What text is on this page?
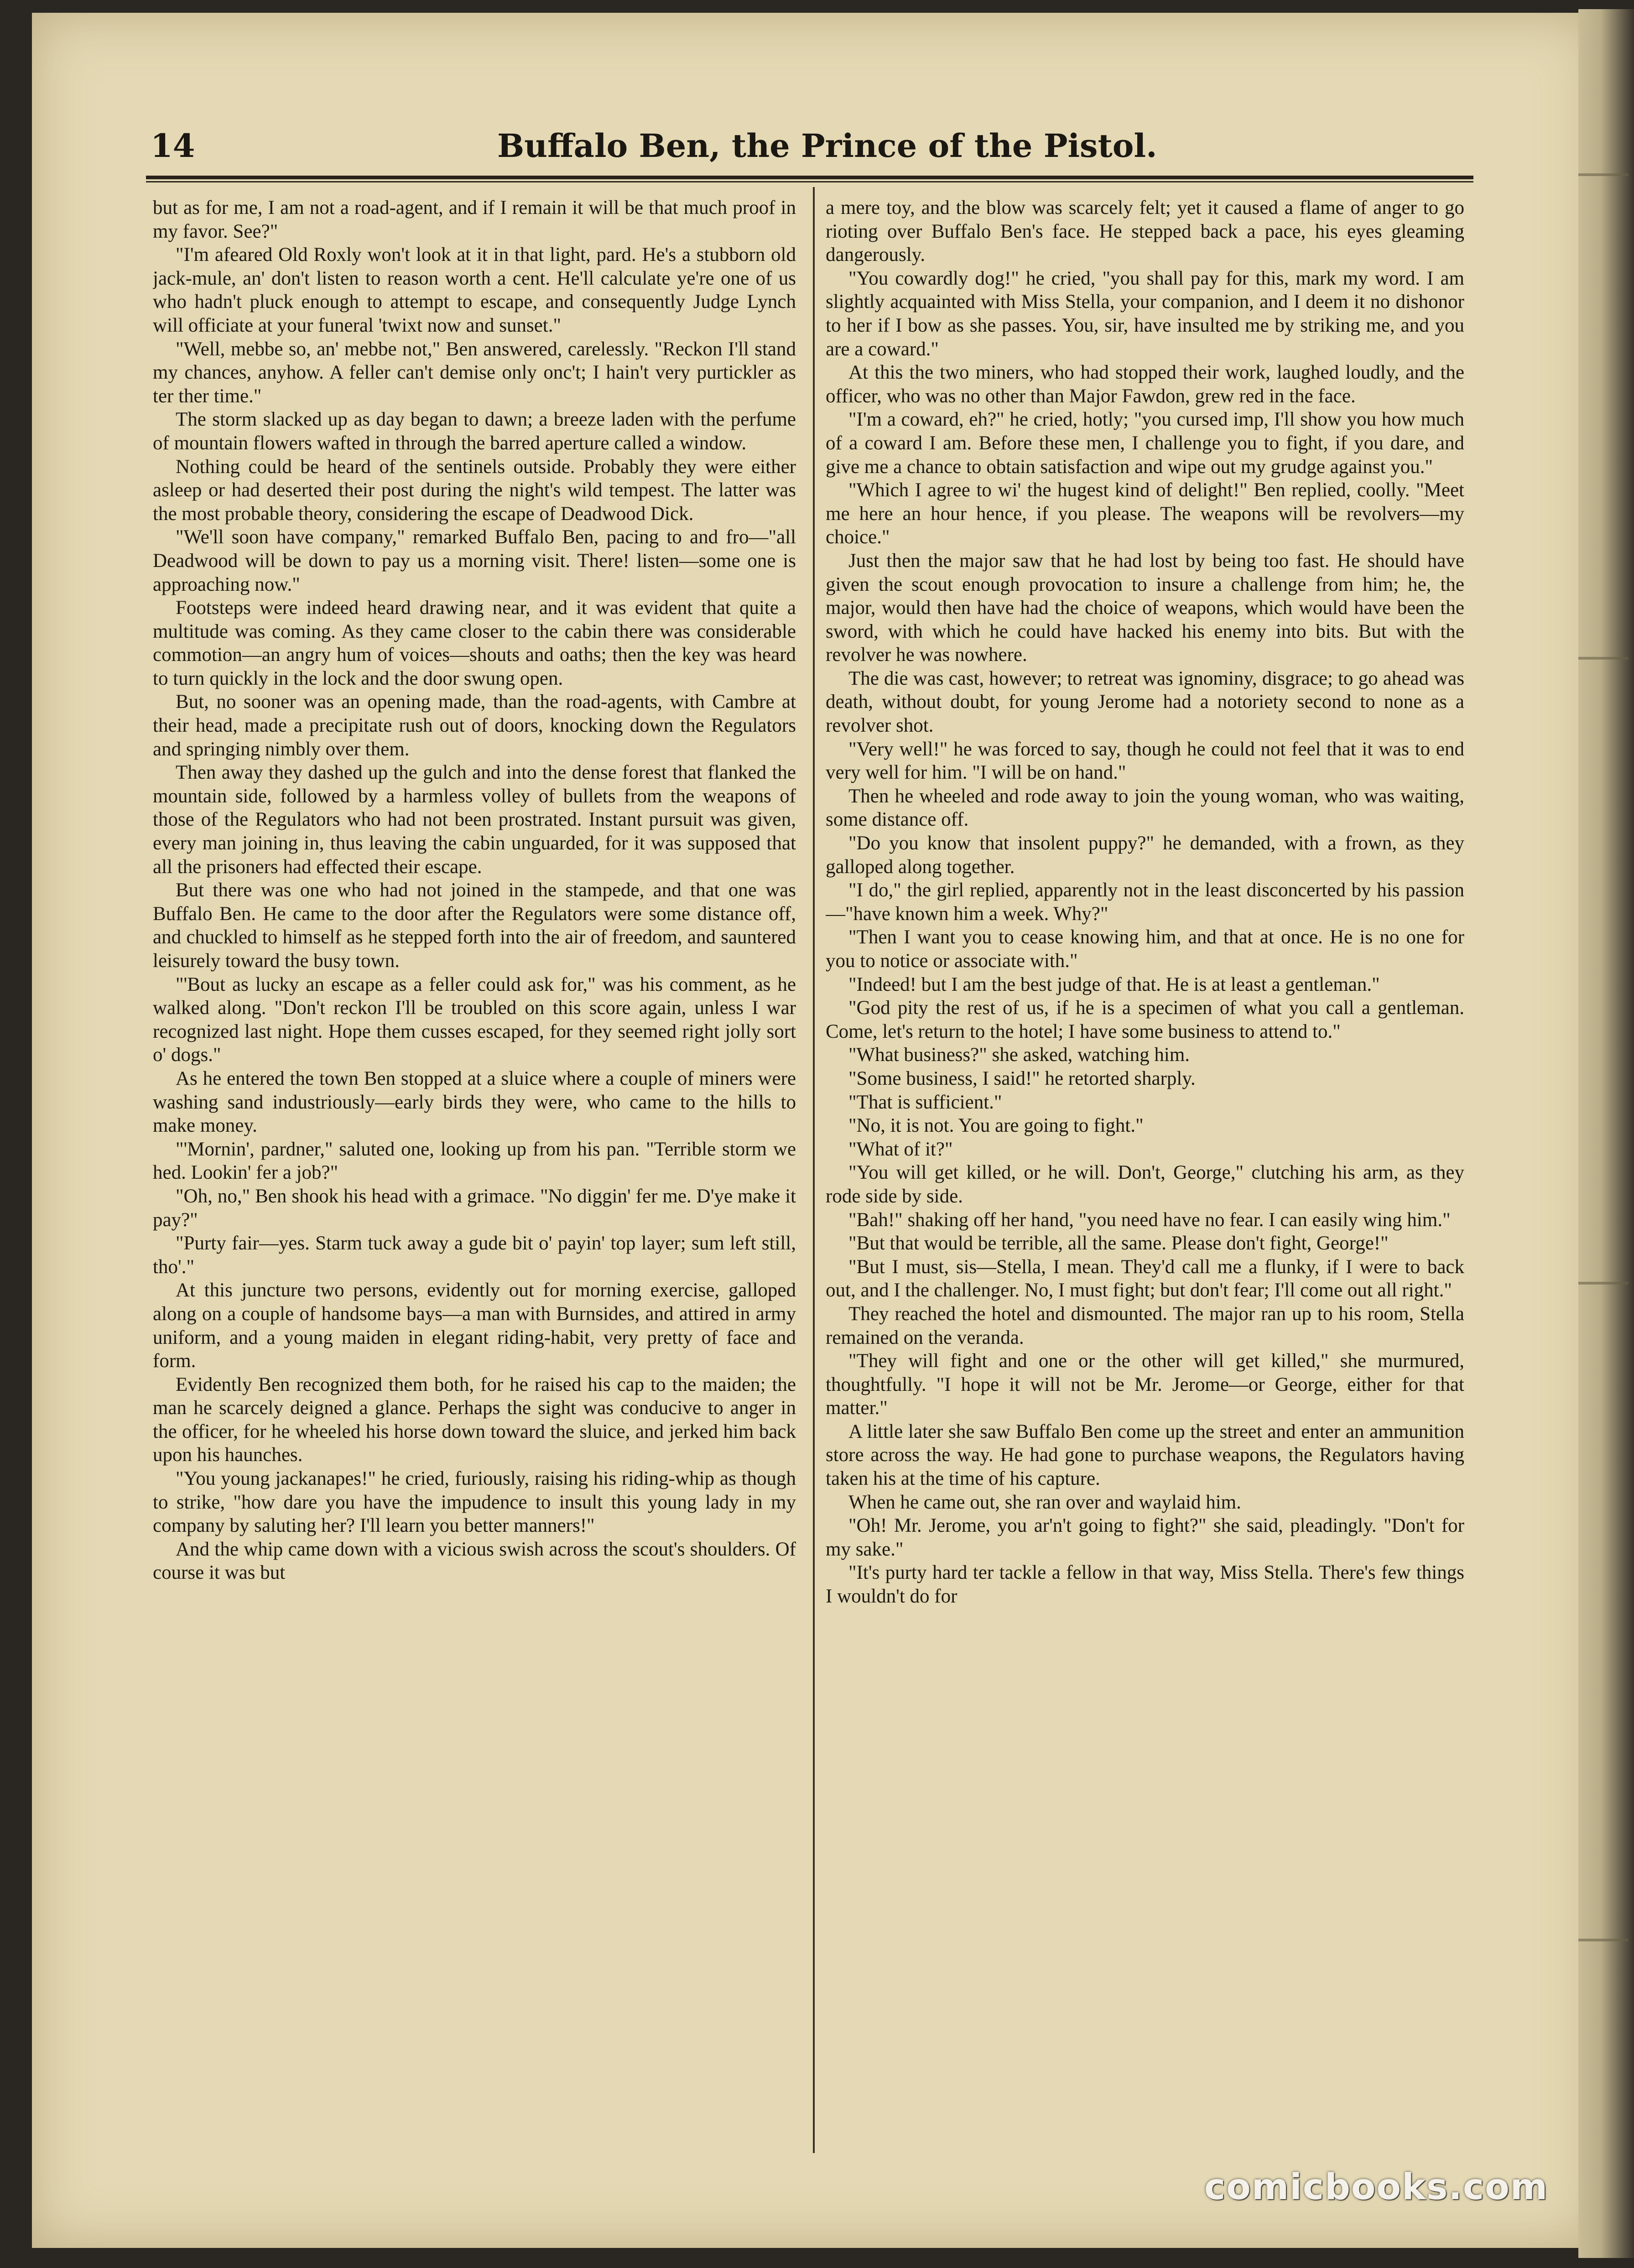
14	Buffalo Ben, the Prince of the Pistol.

but as for me, I am not a road-agent, and if I remain it will be that much proof in my favor. See?"

"I'm afeared Old Roxly won't look at it in that light, pard. He's a stubborn old jack-mule, an' don't listen to reason worth a cent. He'll calculate ye're one of us who hadn't pluck enough to attempt to escape, and consequently Judge Lynch will officiate at your funeral 'twixt now and sunset."

"Well, mebbe so, an' mebbe not," Ben answered, carelessly. "Reckon I'll stand my chances, anyhow. A feller can't demise only onc't; I hain't very purtickler as ter ther time."

The storm slacked up as day began to dawn; a breeze laden with the perfume of mountain flowers wafted in through the barred aperture called a window.

Nothing could be heard of the sentinels outside. Probably they were either asleep or had deserted their post during the night's wild tempest. The latter was the most probable theory, considering the escape of Deadwood Dick.

"We'll soon have company," remarked Buffalo Ben, pacing to and fro—"all Deadwood will be down to pay us a morning visit. There! listen—some one is approaching now."

Footsteps were indeed heard drawing near, and it was evident that quite a multitude was coming. As they came closer to the cabin there was considerable commotion—an angry hum of voices—shouts and oaths; then the key was heard to turn quickly in the lock and the door swung open.

But, no sooner was an opening made, than the road-agents, with Cambre at their head, made a precipitate rush out of doors, knocking down the Regulators and springing nimbly over them.

Then away they dashed up the gulch and into the dense forest that flanked the mountain side, followed by a harmless volley of bullets from the weapons of those of the Regulators who had not been prostrated. Instant pursuit was given, every man joining in, thus leaving the cabin unguarded, for it was supposed that all the prisoners had effected their escape.

But there was one who had not joined in the stampede, and that one was Buffalo Ben. He came to the door after the Regulators were some distance off, and chuckled to himself as he stepped forth into the air of freedom, and sauntered leisurely toward the busy town.

"'Bout as lucky an escape as a feller could ask for," was his comment, as he walked along. "Don't reckon I'll be troubled on this score again, unless I war recognized last night. Hope them cusses escaped, for they seemed right jolly sort o' dogs."

As he entered the town Ben stopped at a sluice where a couple of miners were washing sand industriously—early birds they were, who came to the hills to make money.

"'Mornin', pardner," saluted one, looking up from his pan. "Terrible storm we hed. Lookin' fer a job?"

"Oh, no," Ben shook his head with a grimace. "No diggin' fer me. D'ye make it pay?"

"Purty fair—yes. Starm tuck away a gude bit o' payin' top layer; sum left still, tho'."

At this juncture two persons, evidently out for morning exercise, galloped along on a couple of handsome bays—a man with Burnsides, and attired in army uniform, and a young maiden in elegant riding-habit, very pretty of face and form.

Evidently Ben recognized them both, for he raised his cap to the maiden; the man he scarcely deigned a glance. Perhaps the sight was conducive to anger in the officer, for he wheeled his horse down toward the sluice, and jerked him back upon his haunches.

"You young jackanapes!" he cried, furiously, raising his riding-whip as though to strike, "how dare you have the impudence to insult this young lady in my company by saluting her? I'll learn you better manners!"

And the whip came down with a vicious swish across the scout's shoulders. Of course it was but

a mere toy, and the blow was scarcely felt; yet it caused a flame of anger to go rioting over Buffalo Ben's face. He stepped back a pace, his eyes gleaming dangerously.

"You cowardly dog!" he cried, "you shall pay for this, mark my word. I am slightly acquainted with Miss Stella, your companion, and I deem it no dishonor to her if I bow as she passes. You, sir, have insulted me by striking me, and you are a coward."

At this the two miners, who had stopped their work, laughed loudly, and the officer, who was no other than Major Fawdon, grew red in the face.

"I'm a coward, eh?" he cried, hotly; "you cursed imp, I'll show you how much of a coward I am. Before these men, I challenge you to fight, if you dare, and give me a chance to obtain satisfaction and wipe out my grudge against you."

"Which I agree to wi' the hugest kind of delight!" Ben replied, coolly. "Meet me here an hour hence, if you please. The weapons will be revolvers—my choice."

Just then the major saw that he had lost by being too fast. He should have given the scout enough provocation to insure a challenge from him; he, the major, would then have had the choice of weapons, which would have been the sword, with which he could have hacked his enemy into bits. But with the revolver he was nowhere.

The die was cast, however; to retreat was ignominy, disgrace; to go ahead was death, without doubt, for young Jerome had a notoriety second to none as a revolver shot.

"Very well!" he was forced to say, though he could not feel that it was to end very well for him. "I will be on hand."

Then he wheeled and rode away to join the young woman, who was waiting, some distance off.

"Do you know that insolent puppy?" he demanded, with a frown, as they galloped along together.

"I do," the girl replied, apparently not in the least disconcerted by his passion—"have known him a week. Why?"

"Then I want you to cease knowing him, and that at once. He is no one for you to notice or associate with."

"Indeed! but I am the best judge of that. He is at least a gentleman."

"God pity the rest of us, if he is a specimen of what you call a gentleman. Come, let's return to the hotel; I have some business to attend to."

"What business?" she asked, watching him.

"Some business, I said!" he retorted sharply.

"That is sufficient."

"No, it is not. You are going to fight."

"What of it?"

"You will get killed, or he will. Don't, George," clutching his arm, as they rode side by side.

"Bah!" shaking off her hand, "you need have no fear. I can easily wing him."

"But that would be terrible, all the same. Please don't fight, George!"

"But I must, sis—Stella, I mean. They'd call me a flunky, if I were to back out, and I the challenger. No, I must fight; but don't fear; I'll come out all right."

They reached the hotel and dismounted. The major ran up to his room, Stella remained on the veranda.

"They will fight and one or the other will get killed," she murmured, thoughtfully. "I hope it will not be Mr. Jerome—or George, either for that matter."

A little later she saw Buffalo Ben come up the street and enter an ammunition store across the way. He had gone to purchase weapons, the Regulators having taken his at the time of his capture.

When he came out, she ran over and waylaid him.

"Oh! Mr. Jerome, you ar'n't going to fight?" she said, pleadingly. "Don't for my sake."

"It's purty hard ter tackle a fellow in that way, Miss Stella. There's few things I wouldn't do for

comicbooks.com
